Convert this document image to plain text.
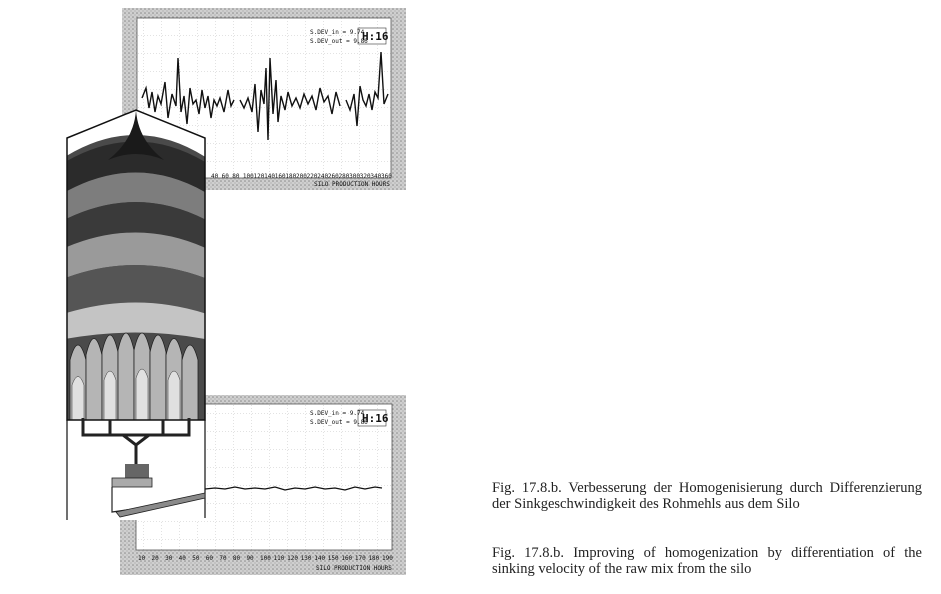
H:16
S.DEV_in = 9.74
S.DEV_out = 9.86
40 60 80 100 120 140 160 180 200 220 240 260 280 300 320 340 360
SILO PRODUCTION HOURS
H:16
S.DEV_in = 9.74
S.DEV_out = 9.86
10 20 30 40 50 60 70 80 90 100 110 120 130 140 150 160 170 180 190
SILO PRODUCTION HOURS
Fig. 17.8.b. Verbesserung der Homogenisierung durch Differenzierung der Sinkgeschwindigkeit des Rohmehls aus dem Silo
Fig. 17.8.b. Improving of homogenization by differentiation of the sinking velocity of the raw mix from the silo
